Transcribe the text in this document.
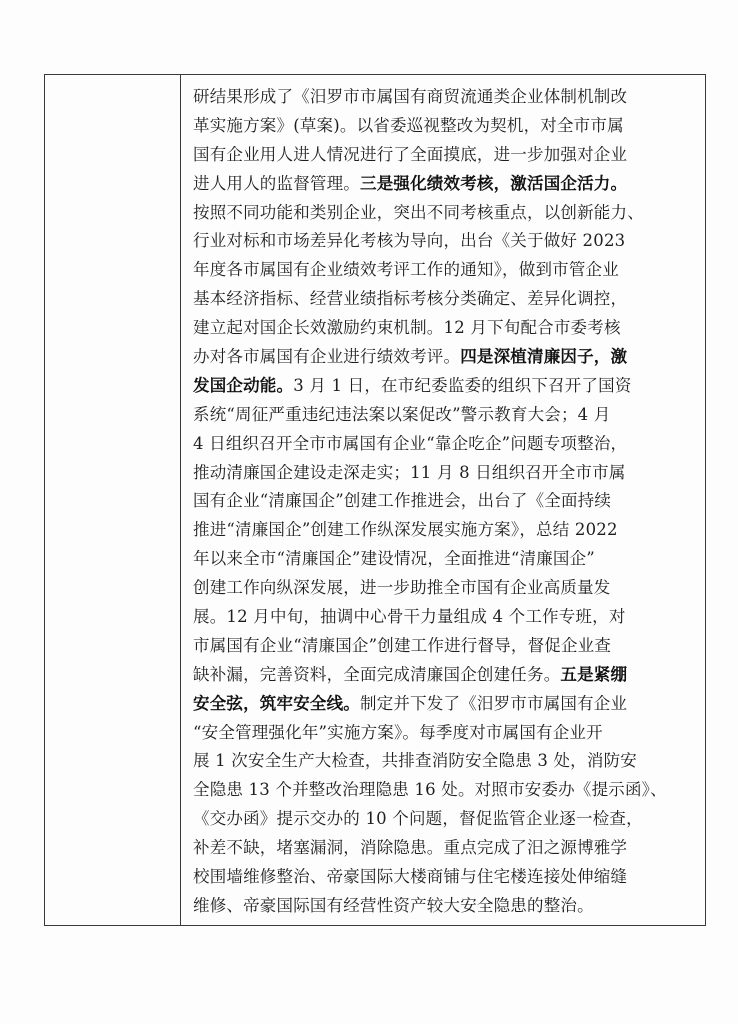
研结果形成了《汨罗市市属国有商贸流通类企业体制机制改
革实施方案》(草案)。以省委巡视整改为契机，对全市市属
国有企业用人进人情况进行了全面摸底，进一步加强对企业
进人用人的监督管理。三是强化绩效考核，激活国企活力。
按照不同功能和类别企业，突出不同考核重点，以创新能力、
行业对标和市场差异化考核为导向，出台《关于做好 2023
年度各市属国有企业绩效考评工作的通知》，做到市管企业
基本经济指标、经营业绩指标考核分类确定、差异化调控，
建立起对国企长效激励约束机制。12 月下旬配合市委考核
办对各市属国有企业进行绩效考评。四是深植清廉因子，激
发国企动能。3 月 1 日，在市纪委监委的组织下召开了国资
系统“周征严重违纪违法案以案促改”警示教育大会；4 月
4 日组织召开全市市属国有企业“靠企吃企”问题专项整治，
推动清廉国企建设走深走实；11 月 8 日组织召开全市市属
国有企业“清廉国企”创建工作推进会，出台了《全面持续
推进“清廉国企”创建工作纵深发展实施方案》，总结 2022
年以来全市“清廉国企”建设情况，全面推进“清廉国企”
创建工作向纵深发展，进一步助推全市国有企业高质量发
展。12 月中旬，抽调中心骨干力量组成 4 个工作专班，对
市属国有企业“清廉国企”创建工作进行督导，督促企业查
缺补漏，完善资料，全面完成清廉国企创建任务。五是紧绷
安全弦，筑牢安全线。制定并下发了《汨罗市市属国有企业
“安全管理强化年”实施方案》。每季度对市属国有企业开
展 1 次安全生产大检查，共排查消防安全隐患 3 处，消防安
全隐患 13 个并整改治理隐患 16 处。对照市安委办《提示函》、
《交办函》提示交办的 10 个问题，督促监管企业逐一检查，
补差不缺，堵塞漏洞，消除隐患。重点完成了汨之源博雅学
校围墙维修整治、帝豪国际大楼商铺与住宅楼连接处伸缩缝
维修、帝豪国际国有经营性资产较大安全隐患的整治。
